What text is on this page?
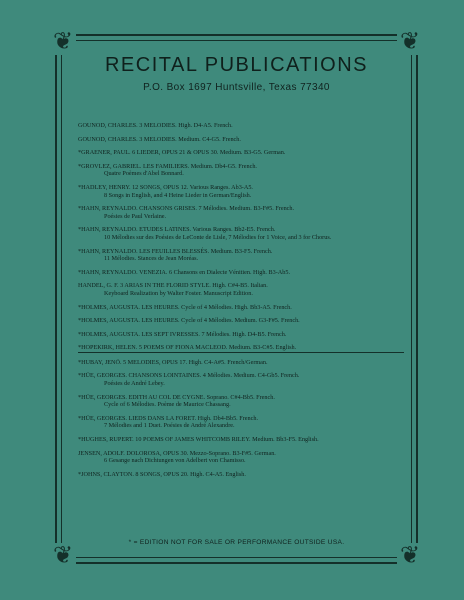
❦	❦
❦	❦
RECITAL PUBLICATIONS
P.O. Box 1697 Huntsville, Texas 77340
GOUNOD, CHARLES. 3 MELODIES. High. D4-A5. French.
GOUNOD, CHARLES. 3 MELODIES. Medium. C4-G5. French.
*GRAENER, PAUL. 6 LIEDER, OPUS 21 & OPUS 30. Medium. B3-G5. German.
*GROVLEZ, GABRIEL. LES FAMILIERS. Medium. Db4-G5. French.
Quatre Poèmes d'Abel Bonnard.
*HADLEY, HENRY. 12 SONGS, OPUS 12. Various Ranges. Ab3-A5.
8 Songs in English, and 4 Heine Lieder in German/English.
*HAHN, REYNALDO. CHANSONS GRISES. 7 Mélodies. Medium. B3-F#5. French.
Poésies de Paul Verlaine.
*HAHN, REYNALDO. ETUDES LATINES. Various Ranges. Bb2-E5. French.
10 Mélodies sur des Poésies de LeConte de Lisle, 7 Mélodies for 1 Voice, and 3 for Chorus.
*HAHN, REYNALDO. LES FEUILLES BLESSÉS. Medium. B3-F5. French.
11 Mélodies. Stances de Jean Moréas.
*HAHN, REYNALDO. VENEZIA. 6 Chansons en Dialecte Vénitien. High. B3-Ab5.
HANDEL, G. F. 3 ARIAS IN THE FLORID STYLE. High. C#4-B5. Italian.
Keyboard Realization by Walter Foster. Manuscript Edition.
*HOLMES, AUGUSTA. LES HEURES. Cycle of 4 Mélodies. High. Bb3-A5. French.
*HOLMES, AUGUSTA. LES HEURES. Cycle of 4 Mélodies. Medium. G3-F#5. French.
*HOLMES, AUGUSTA. LES SEPT IVRESSES. 7 Mélodies. High. D4-B5. French.
*HOPEKIRK, HELEN. 5 POEMS OF FIONA MACLEOD. Medium. B3-C#5. English.
*HUBAY, JENÖ. 5 MELODIES, OPUS 17. High. C4-A#5. French/German.
*HÜE, GEORGES. CHANSONS LOINTAINES. 4 Mélodies. Medium. C4-Gb5. French.
Poésies de André Lebey.
*HÜE, GEORGES. EDITH AU COL DE CYGNE. Soprano. C#4-Bb5. French.
Cycle of 6 Mélodies. Poème de Maurice Chassang.
*HÜE, GEORGES. LIEDS DANS LA FORET. High. Db4-Bb5. French.
7 Mélodies and 1 Duet. Poésies de André Alexandre.
*HUGHES, RUPERT. 10 POEMS OF JAMES WHITCOMB RILEY. Medium. Bb3-F5. English.
JENSEN, ADOLF. DOLOROSA, OPUS 30. Mezzo-Soprano. B3-F#5. German.
6 Gesange nach Dichtungen von Adelbert von Chamisso.
*JOHNS, CLAYTON. 8 SONGS, OPUS 20. High. C4-A5. English.
* = EDITION NOT FOR SALE OR PERFORMANCE OUTSIDE USA.
